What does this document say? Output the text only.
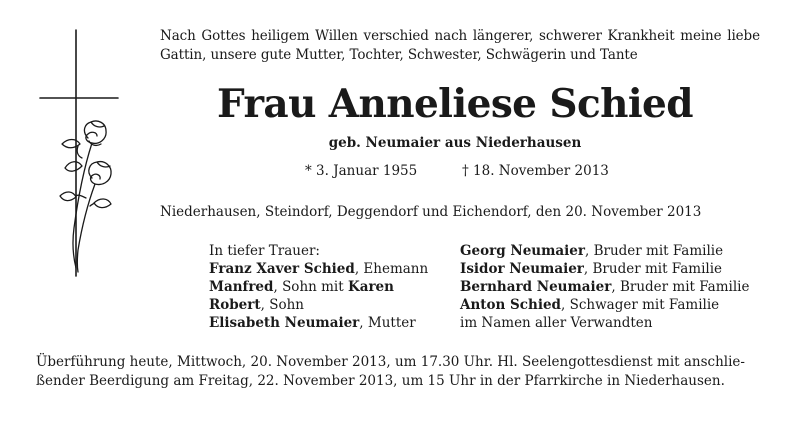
Nach Gottes heiligem Willen verschied nach längerer, schwerer Krankheit meine liebe Gattin, unsere gute Mutter, Tochter, Schwester, Schwägerin und Tante
Frau Anneliese Schied
geb. Neumaier aus Niederhausen
* 3. Januar 1955	† 18. November 2013
Niederhausen, Steindorf, Deggendorf und Eichendorf, den 20. November 2013
In tiefer Trauer:
Franz Xaver Schied, Ehemann
Manfred, Sohn mit Karen
Robert, Sohn
Elisabeth Neumaier, Mutter
Georg Neumaier, Bruder mit Familie
Isidor Neumaier, Bruder mit Familie
Bernhard Neumaier, Bruder mit Familie
Anton Schied, Schwager mit Familie
im Namen aller Verwandten
Überführung heute, Mittwoch, 20. November 2013, um 17.30 Uhr. Hl. Seelengottesdienst mit anschlie-
ßender Beerdigung am Freitag, 22. November 2013, um 15 Uhr in der Pfarrkirche in Niederhausen.
